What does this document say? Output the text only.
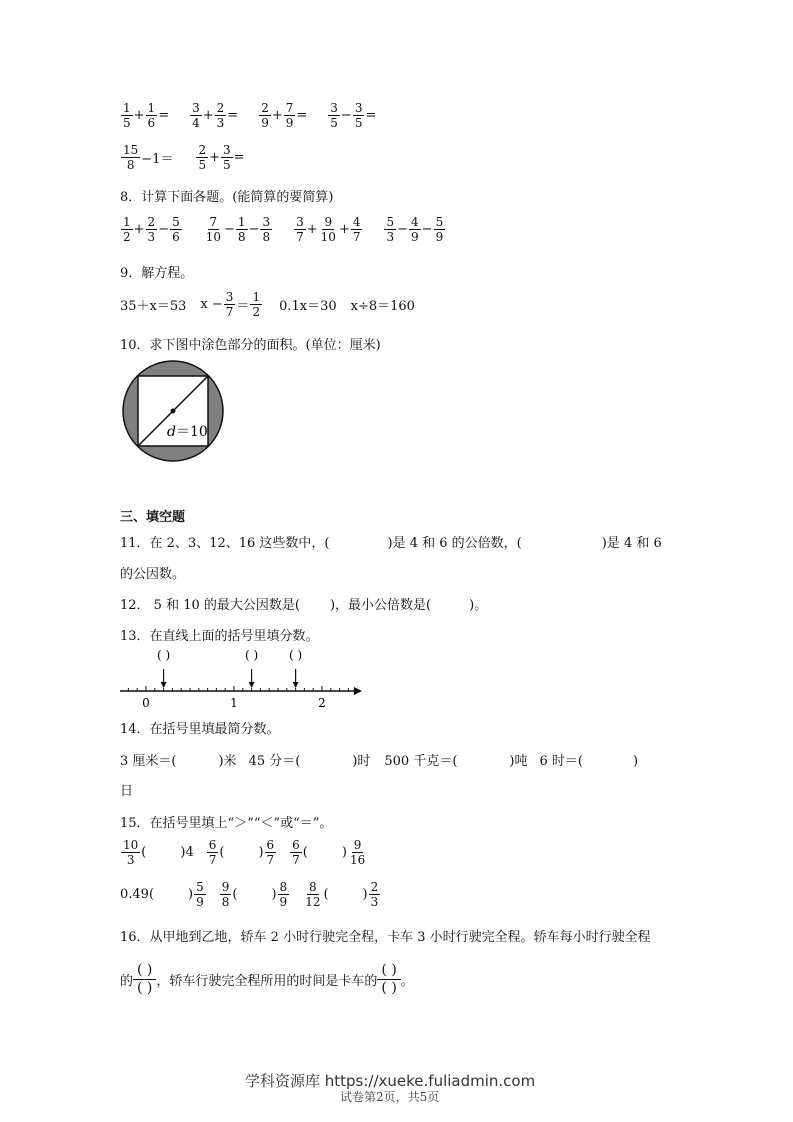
$\frac{1}{5} + \frac{1}{6} = \frac{3}{4} + \frac{2}{3} = \frac{2}{9} + \frac{7}{9} = \frac{3}{5} - \frac{3}{5}$ =
$\frac{15}{8} -1= \frac{2}{5} + \frac{3}{5}$ =
8．计算下面各题。(能简算的要简算)
$\frac{1}{2} + \frac{2}{3} - \frac{5}{6} \frac{7}{10} - \frac{1}{8} - \frac{3}{8} \frac{3}{7} + \frac{9}{10} + \frac{4}{7} \frac{5}{3} - \frac{4}{9} - \frac{5}{9}$
9．解方程。
35＋x＝53 $x - \frac{3}{7} = \frac{1}{2} 0.1x=30$ x÷8＝160
10．求下图中涂色部分的面积。(单位：厘米)
d ＝10
三、填空题
11．在 2、3、12、16 这些数中，(	)是 4 和 6 的公倍数，(	)是 4 和 6
的公因数。
12． 5 和 10 的最大公因数是( )，最小公倍数是(	)。
13．在直线上面的括号里填分数。
0	1	2
( )	( )	( )
14．在括号里填最简分数。
3 厘米＝(	)米 45 分＝(	)时 500 千克＝(	)吨 6 时＝(	)
日
15．在括号里填上“＞”“＜”或“＝”。
$\frac{10}{3}$ (	) $4 \frac{6}{7}$ (	) $\frac{6}{7} \frac{6}{7}$ (	) $\frac{9}{16}$
0.49 (	) $\frac{5}{9} \frac{9}{8}$ (	) $\frac{8}{9} \frac{8}{12}$ (	) $\frac{2}{3}$
16．从甲地到乙地，轿车 2 小时行驶完全程，卡车 3 小时行驶完全程。轿车每小时行驶全程
的 $\frac{( )}{( )}$ ，轿车行驶完全程所用的时间是卡车的 $\frac{( )}{( )}$ 。
学科资源库 https://xueke.fuliadmin.com
试卷第2页，共5页
